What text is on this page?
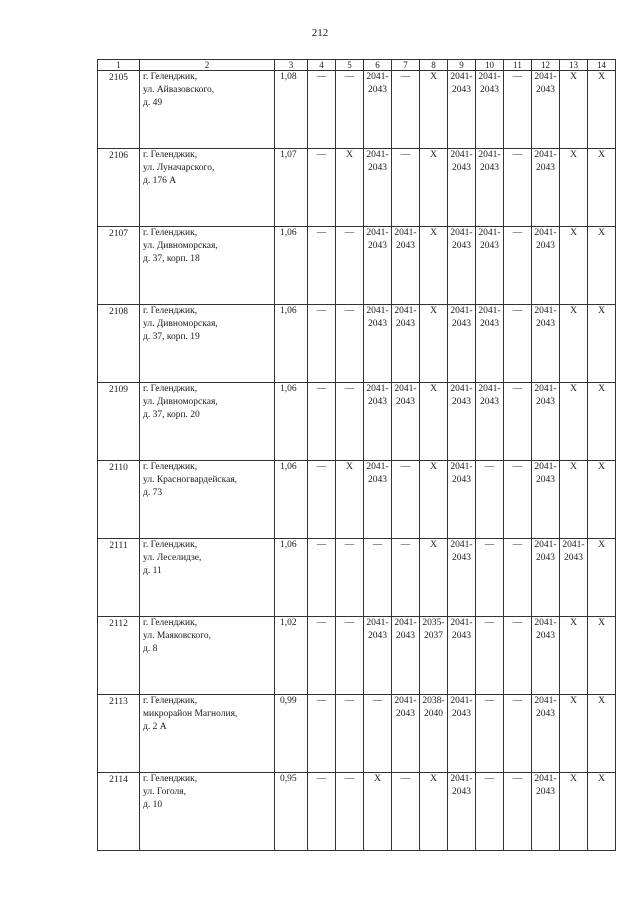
212
1	2	3	4	5	6	7	8	9	10	11	12	13	14
2105	г. Геленджик,
ул. Айвазовского,
д. 49	1,08	—	—	2041-2043	—	X	2041-2043	2041-2043	—	2041-2043	X	X
2106	г. Геленджик,
ул. Луначарского,
д. 176 А	1,07	—	X	2041-2043	—	X	2041-2043	2041-2043	—	2041-2043	X	X
2107	г. Геленджик,
ул. Дивноморская,
д. 37, корп. 18	1,06	—	—	2041-2043	2041-2043	X	2041-2043	2041-2043	—	2041-2043	X	X
2108	г. Геленджик,
ул. Дивноморская,
д. 37, корп. 19	1,06	—	—	2041-2043	2041-2043	X	2041-2043	2041-2043	—	2041-2043	X	X
2109	г. Геленджик,
ул. Дивноморская,
д. 37, корп. 20	1,06	—	—	2041-2043	2041-2043	X	2041-2043	2041-2043	—	2041-2043	X	X
2110	г. Геленджик,
ул. Красногвардейская,
д. 73	1,06	—	X	2041-2043	—	X	2041-2043	—	—	2041-2043	X	X
2111	г. Геленджик,
ул. Леселидзе,
д. 11	1,06	—	—	—	—	X	2041-2043	—	—	2041-2043	2041-2043	X
2112	г. Геленджик,
ул. Маяковского,
д. 8	1,02	—	—	2041-2043	2041-2043	2035-2037	2041-2043	—	—	2041-2043	X	X
2113	г. Геленджик,
микрорайон Магнолия,
д. 2 А	0,99	—	—	—	2041-2043	2038-2040	2041-2043	—	—	2041-2043	X	X
2114	г. Геленджик,
ул. Гоголя,
д. 10	0,95	—	—	X	—	X	2041-2043	—	—	2041-2043	X	X
